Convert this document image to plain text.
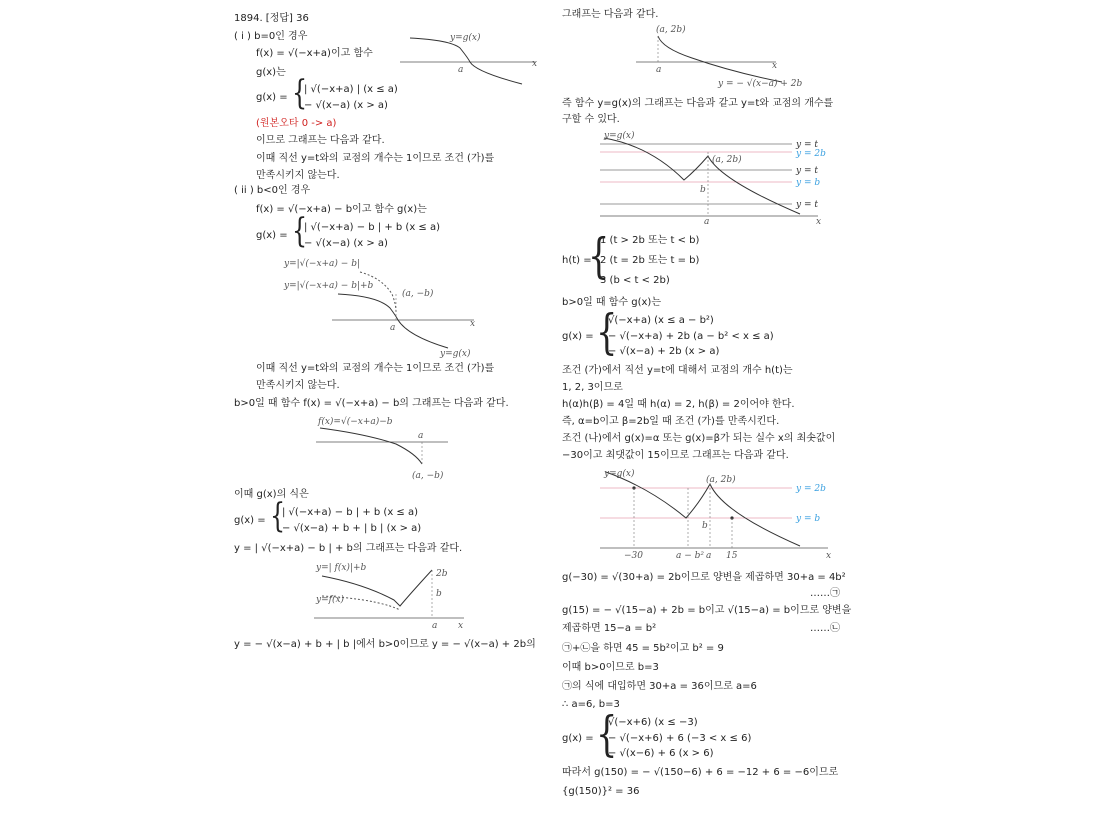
1894. [정답] 36
( i ) b=0인 경우
f(x) = √(−x+a)이고 함수
g(x)는
g(x) = {
| √(−x+a) | (x ≤ a)
− √(x−a) (x > a)
(원본오타 0 -> a)
이므로 그래프는 다음과 같다.
이때 직선 y=t와의 교점의 개수는 1이므로 조건 (가)를
만족시키지 않는다.
y=g(x)
a
x
( ii ) b<0인 경우
f(x) = √(−x+a) − b이고 함수 g(x)는
g(x) = {
| √(−x+a) − b | + b (x ≤ a)
− √(x−a) (x > a)
y=|√(−x+a) − b|
y=|√(−x+a) − b|+b
(a, −b)
a	x
y=g(x)
이때 직선 y=t와의 교점의 개수는 1이므로 조건 (가)를
만족시키지 않는다.
b>0일 때 함수 f(x) = √(−x+a) − b의 그래프는 다음과 같다.
f(x)=√(−x+a)−b
a
(a, −b)
이때 g(x)의 식은
g(x) = {
| √(−x+a) − b | + b (x ≤ a)
− √(x−a) + b + | b | (x > a)
y = | √(−x+a) − b | + b의 그래프는 다음과 같다.
y=| f(x)|+b
y=f(x)
2b
b
a x
y = − √(x−a) + b + | b |에서 b>0이므로 y = − √(x−a) + 2b의
그래프는 다음과 같다.
(a, 2b)
a	x
y = − √(x−a) + 2b
즉 함수 y=g(x)의 그래프는 다음과 같고 y=t와 교점의 개수를
구할 수 있다.
y=g(x)
(a, 2b)
b
a	x
y = t
y = 2b
y = t
y = b
y = t
h(t) =
{
1 (t > 2b 또는 t < b)
2 (t = 2b 또는 t = b)
3 (b < t < 2b)
b>0일 때 함수 g(x)는
g(x) = {
√(−x+a) (x ≤ a − b²)
− √(−x+a) + 2b (a − b² < x ≤ a)
− √(x−a) + 2b (x > a)
조건 (가)에서 직선 y=t에 대해서 교점의 개수 h(t)는
1, 2, 3이므로
h(α)h(β) = 4일 때 h(α) = 2, h(β) = 2이어야 한다.
즉, α=b이고 β=2b일 때 조건 (가)를 만족시킨다.
조건 (나)에서 g(x)=α 또는 g(x)=β가 되는 실수 x의 최솟값이
−30이고 최댓값이 15이므로 그래프는 다음과 같다.
y=g(x)
(a, 2b)
y = 2b
y = b
b
−30	a − b² a 15	x
g(−30) = √(30+a) = 2b이므로 양변을 제곱하면 30+a = 4b²
……㉠
g(15) = − √(15−a) + 2b = b이고 √(15−a) = b이므로 양변을
제곱하면 15−a = b²	……㉡
㉠+㉡을 하면 45 = 5b²이고 b² = 9
이때 b>0이므로 b=3
㉠의 식에 대입하면 30+a = 36이므로 a=6
∴ a=6, b=3
g(x) = {
√(−x+6) (x ≤ −3)
− √(−x+6) + 6 (−3 < x ≤ 6)
− √(x−6) + 6 (x > 6)
따라서 g(150) = − √(150−6) + 6 = −12 + 6 = −6이므로
{g(150)}² = 36
